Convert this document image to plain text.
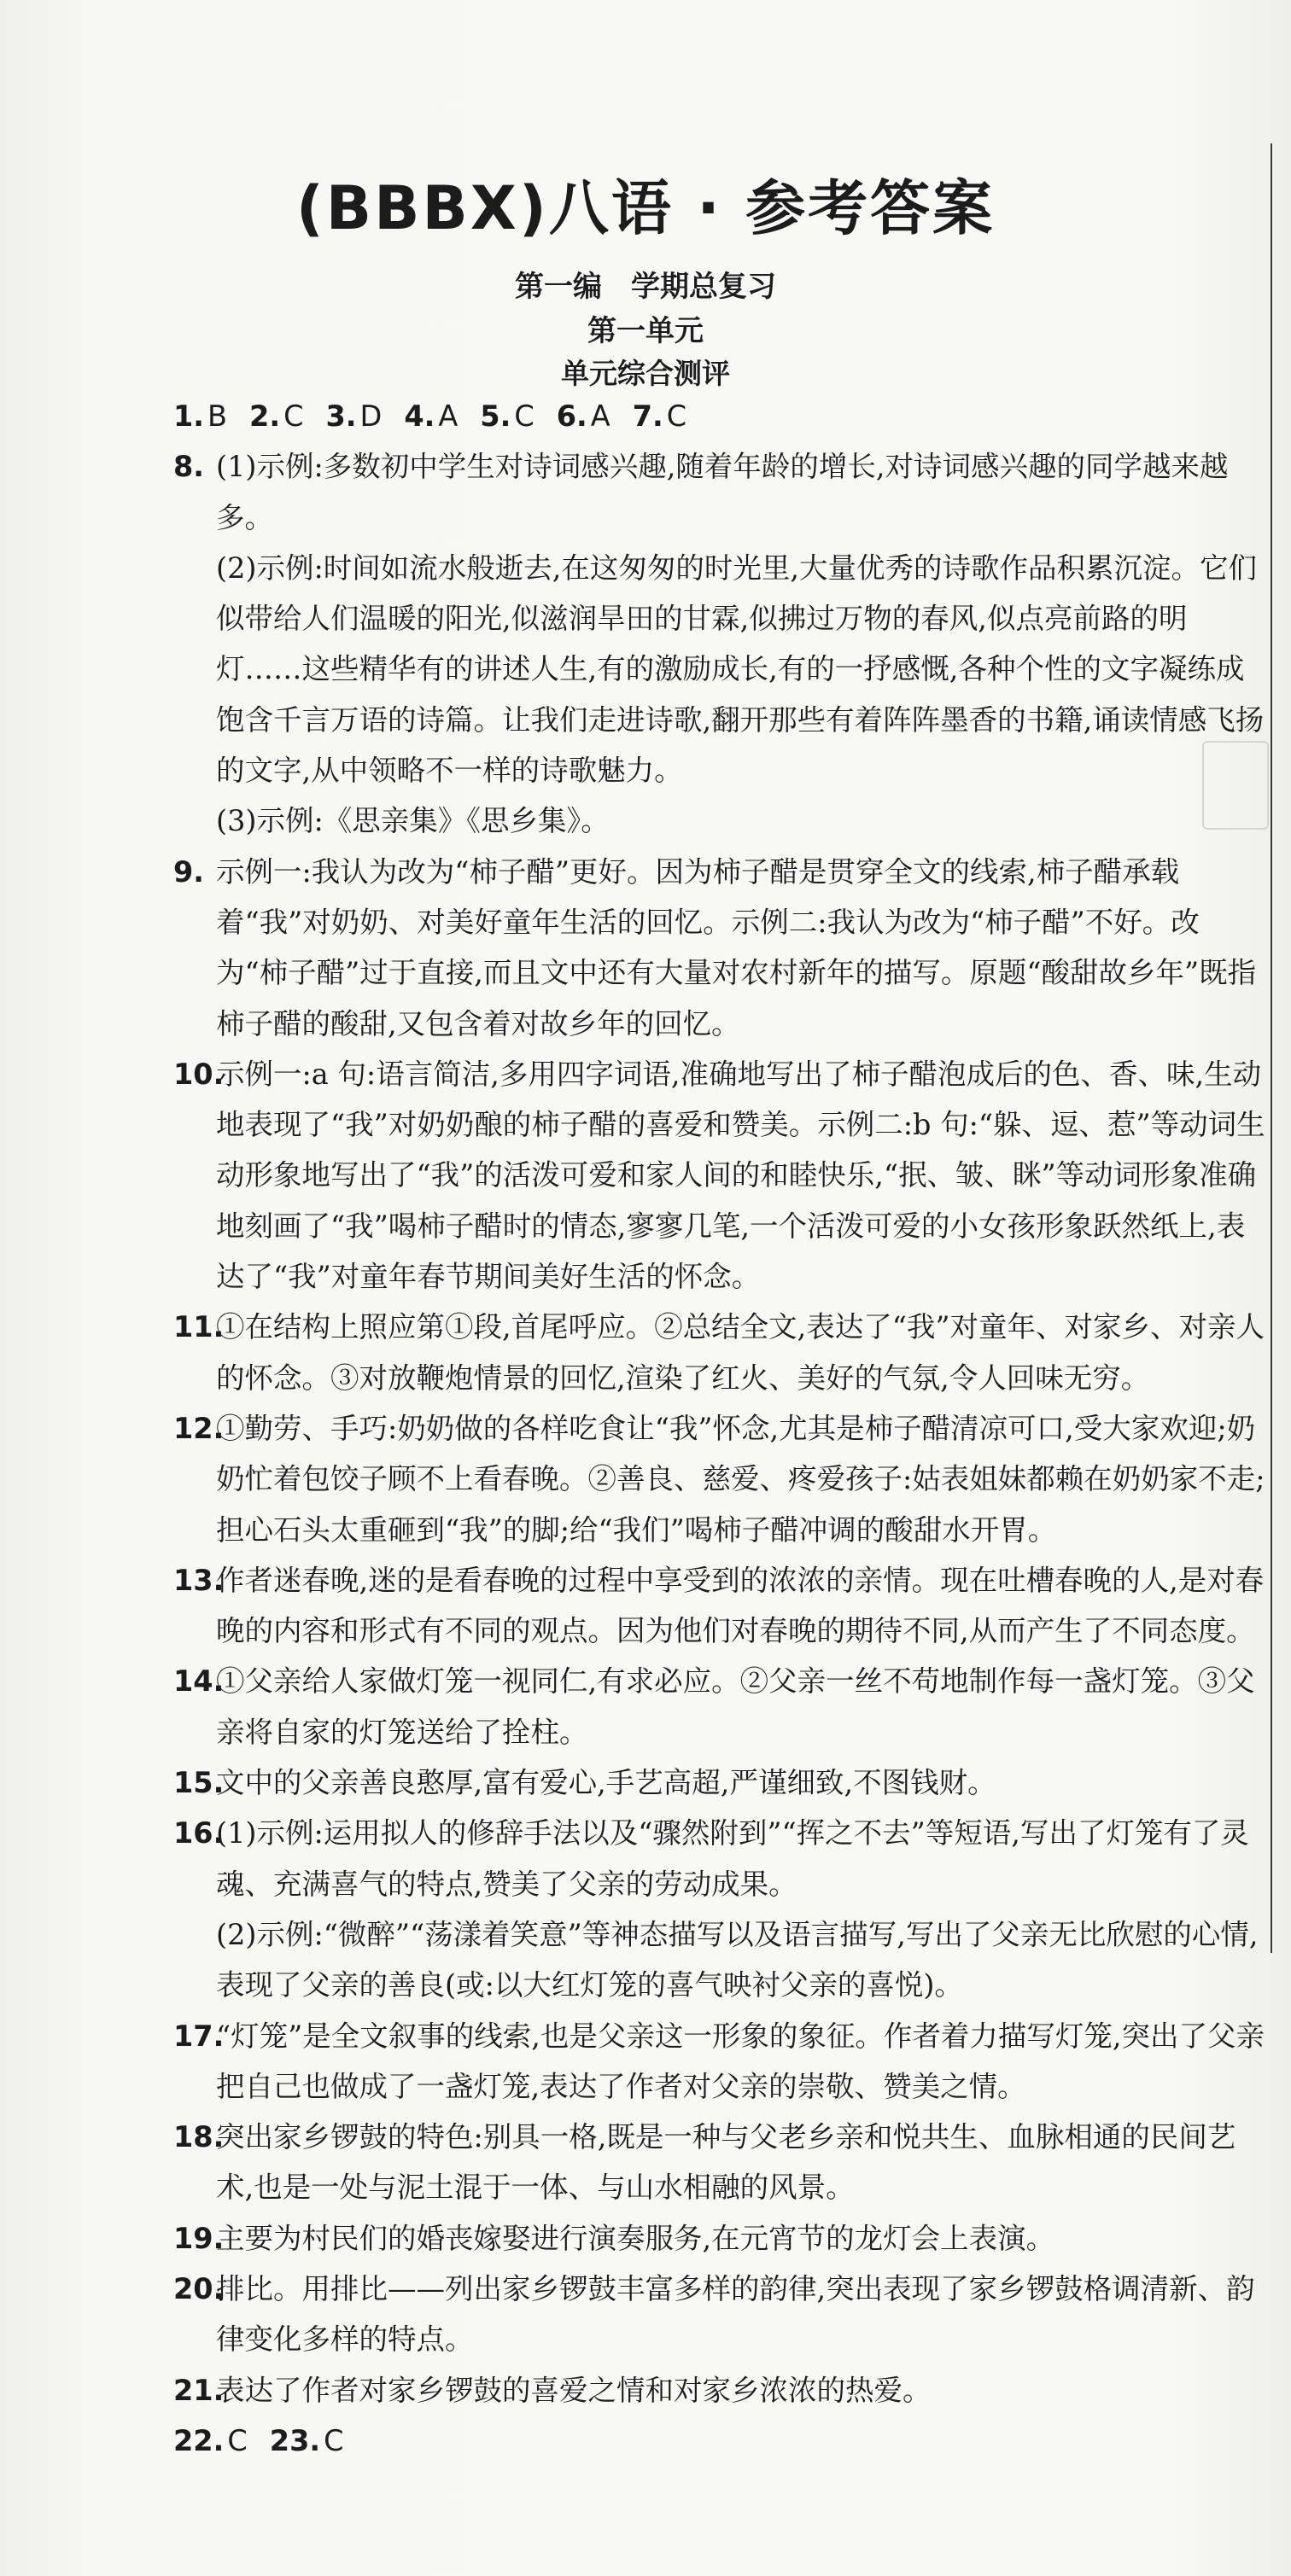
(BBBX)八语 · 参考答案
第一编　学期总复习
第一单元
单元综合测评
1. B 2. C 3. D 4. A 5. C 6. A 7. C
8. (1)示例:多数初中学生对诗词感兴趣,随着年龄的增长,对诗词感兴趣的同学越来越多。
(2)示例:时间如流水般逝去,在这匆匆的时光里,大量优秀的诗歌作品积累沉淀。它们似带给人们温暖的阳光,似滋润旱田的甘霖,似拂过万物的春风,似点亮前路的明灯……这些精华有的讲述人生,有的激励成长,有的一抒感慨,各种个性的文字凝练成饱含千言万语的诗篇。让我们走进诗歌,翻开那些有着阵阵墨香的书籍,诵读情感飞扬的文字,从中领略不一样的诗歌魅力。
(3)示例:《思亲集》《思乡集》。
9. 示例一:我认为改为“柿子醋”更好。因为柿子醋是贯穿全文的线索,柿子醋承载着“我”对奶奶、对美好童年生活的回忆。示例二:我认为改为“柿子醋”不好。改为“柿子醋”过于直接,而且文中还有大量对农村新年的描写。原题“酸甜故乡年”既指柿子醋的酸甜,又包含着对故乡年的回忆。
10.
示例一:a 句:语言简洁,多用四字词语,准确地写出了柿子醋泡成后的色、香、味,生动地表现了“我”对奶奶酿的柿子醋的喜爱和赞美。示例二:b 句:“躲、逗、惹”等动词生动形象地写出了“我”的活泼可爱和家人间的和睦快乐,“抿、皱、眯”等动词形象准确地刻画了“我”喝柿子醋时的情态,寥寥几笔,一个活泼可爱的小女孩形象跃然纸上,表达了“我”对童年春节期间美好生活的怀念。
11.
①在结构上照应第①段,首尾呼应。②总结全文,表达了“我”对童年、对家乡、对亲人的怀念。③对放鞭炮情景的回忆,渲染了红火、美好的气氛,令人回味无穷。
12.
①勤劳、手巧:奶奶做的各样吃食让“我”怀念,尤其是柿子醋清凉可口,受大家欢迎;奶奶忙着包饺子顾不上看春晚。②善良、慈爱、疼爱孩子:姑表姐妹都赖在奶奶家不走;担心石头太重砸到“我”的脚;给“我们”喝柿子醋冲调的酸甜水开胃。
13.
作者迷春晚,迷的是看春晚的过程中享受到的浓浓的亲情。现在吐槽春晚的人,是对春晚的内容和形式有不同的观点。因为他们对春晚的期待不同,从而产生了不同态度。
14.
①父亲给人家做灯笼一视同仁,有求必应。②父亲一丝不苟地制作每一盏灯笼。③父亲将自家的灯笼送给了拴柱。
15.
文中的父亲善良憨厚,富有爱心,手艺高超,严谨细致,不图钱财。
16.
(1)示例:运用拟人的修辞手法以及“骤然附到”“挥之不去”等短语,写出了灯笼有了灵魂、充满喜气的特点,赞美了父亲的劳动成果。
(2)示例:“微醉”“荡漾着笑意”等神态描写以及语言描写,写出了父亲无比欣慰的心情,表现了父亲的善良(或:以大红灯笼的喜气映衬父亲的喜悦)。
17.
“灯笼”是全文叙事的线索,也是父亲这一形象的象征。作者着力描写灯笼,突出了父亲把自己也做成了一盏灯笼,表达了作者对父亲的崇敬、赞美之情。
18.
突出家乡锣鼓的特色:别具一格,既是一种与父老乡亲和悦共生、血脉相通的民间艺术,也是一处与泥土混于一体、与山水相融的风景。
19.
主要为村民们的婚丧嫁娶进行演奏服务,在元宵节的龙灯会上表演。
20.
排比。用排比——列出家乡锣鼓丰富多样的韵律,突出表现了家乡锣鼓格调清新、韵律变化多样的特点。
21.
表达了作者对家乡锣鼓的喜爱之情和对家乡浓浓的热爱。
22. C 23. C
